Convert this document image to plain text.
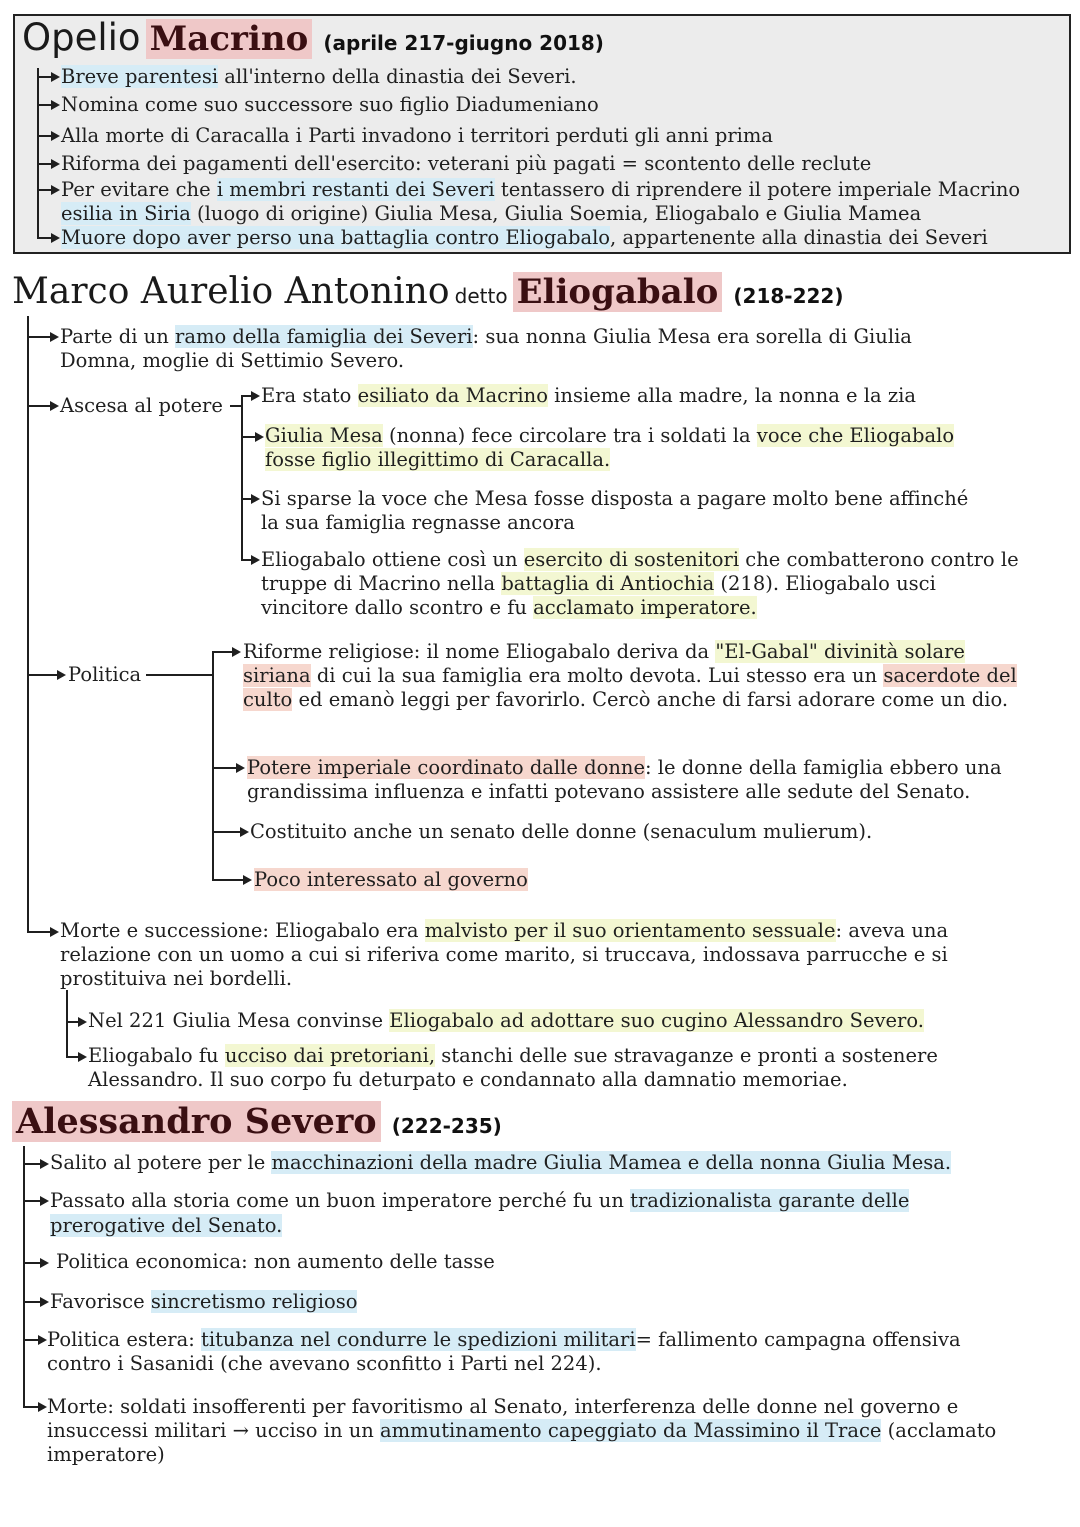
Opelio Macrino (aprile 217-giugno 2018)
Breve parentesi all'interno della dinastia dei Severi.
Nomina come suo successore suo figlio Diadumeniano
Alla morte di Caracalla i Parti invadono i territori perduti gli anni prima
Riforma dei pagamenti dell'esercito: veterani più pagati = scontento delle reclute
Per evitare che i membri restanti dei Severi tentassero di riprendere il potere imperiale Macrino
esilia in Siria (luogo di origine) Giulia Mesa, Giulia Soemia, Eliogabalo e Giulia Mamea
Muore dopo aver perso una battaglia contro Eliogabalo, appartenente alla dinastia dei Severi
Marco Aurelio Antonino detto Eliogabalo (218-222)
Parte di un ramo della famiglia dei Severi: sua nonna Giulia Mesa era sorella di Giulia
Domna, moglie di Settimio Severo.
Ascesa al potere Era stato esiliato da Macrino insieme alla madre, la nonna e la zia
Giulia Mesa (nonna) fece circolare tra i soldati la voce che Eliogabalo
fosse figlio illegittimo di Caracalla.
Si sparse la voce che Mesa fosse disposta a pagare molto bene affinché
la sua famiglia regnasse ancora
Eliogabalo ottiene così un esercito di sostenitori che combatterono contro le
truppe di Macrino nella battaglia di Antiochia (218). Eliogabalo usci
vincitore dallo scontro e fu acclamato imperatore.
Politica
Riforme religiose: il nome Eliogabalo deriva da "El-Gabal" divinità solare
siriana di cui la sua famiglia era molto devota. Lui stesso era un sacerdote del
culto ed emanò leggi per favorirlo. Cercò anche di farsi adorare come un dio.
Potere imperiale coordinato dalle donne: le donne della famiglia ebbero una
grandissima influenza e infatti potevano assistere alle sedute del Senato.
Costituito anche un senato delle donne (senaculum mulierum).
Poco interessato al governo
Morte e successione: Eliogabalo era malvisto per il suo orientamento sessuale: aveva una
relazione con un uomo a cui si riferiva come marito, si truccava, indossava parrucche e si
prostituiva nei bordelli.
Nel 221 Giulia Mesa convinse Eliogabalo ad adottare suo cugino Alessandro Severo.
Eliogabalo fu ucciso dai pretoriani, stanchi delle sue stravaganze e pronti a sostenere
Alessandro. Il suo corpo fu deturpato e condannato alla damnatio memoriae.
Alessandro Severo (222-235)
Salito al potere per le macchinazioni della madre Giulia Mamea e della nonna Giulia Mesa.
Passato alla storia come un buon imperatore perché fu un tradizionalista garante delle
prerogative del Senato.
Politica economica: non aumento delle tasse
Favorisce sincretismo religioso
Politica estera: titubanza nel condurre le spedizioni militari= fallimento campagna offensiva
contro i Sasanidi (che avevano sconfitto i Parti nel 224).
Morte: soldati insofferenti per favoritismo al Senato, interferenza delle donne nel governo e
insuccessi militari → ucciso in un ammutinamento capeggiato da Massimino il Trace (acclamato
imperatore)
